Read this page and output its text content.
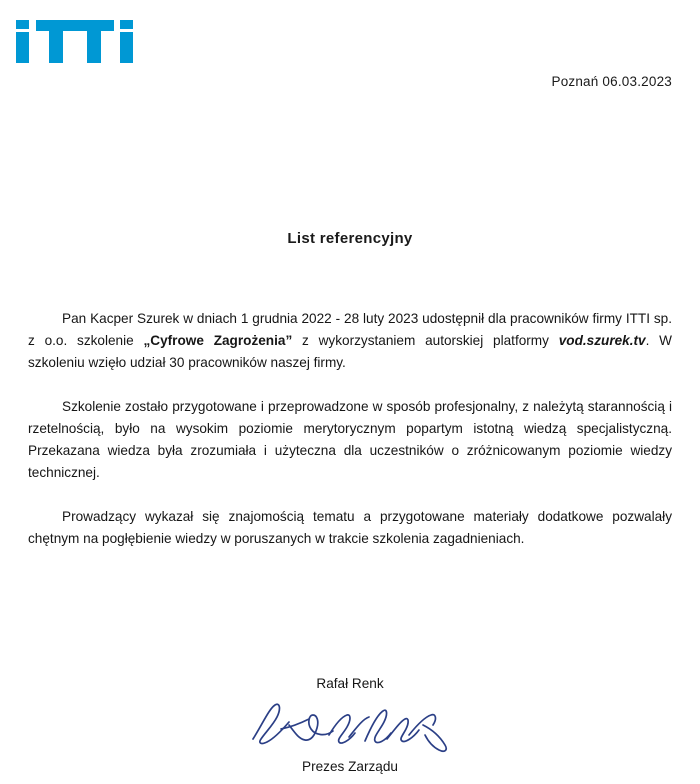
Poznań 06.03.2023
List referencyjny

Pan Kacper Szurek w dniach 1 grudnia 2022 - 28 luty 2023 udostępnił dla pracowników firmy ITTI sp. z o.o. szkolenie „Cyfrowe Zagrożenia” z wykorzystaniem autorskiej platformy vod.szurek.tv. W szkoleniu wzięło udział 30 pracowników naszej firmy.

Szkolenie zostało przygotowane i przeprowadzone w sposób profesjonalny, z należytą starannością i rzetelnością, było na wysokim poziomie merytorycznym popartym istotną wiedzą specjalistyczną. Przekazana wiedza była zrozumiała i użyteczna dla uczestników o zróżnicowanym poziomie wiedzy technicznej.

Prowadzący wykazał się znajomością tematu a przygotowane materiały dodatkowe pozwalały chętnym na pogłębienie wiedzy w poruszanych w trakcie szkolenia zagadnieniach.

Rafał Renk
Prezes Zarządu
